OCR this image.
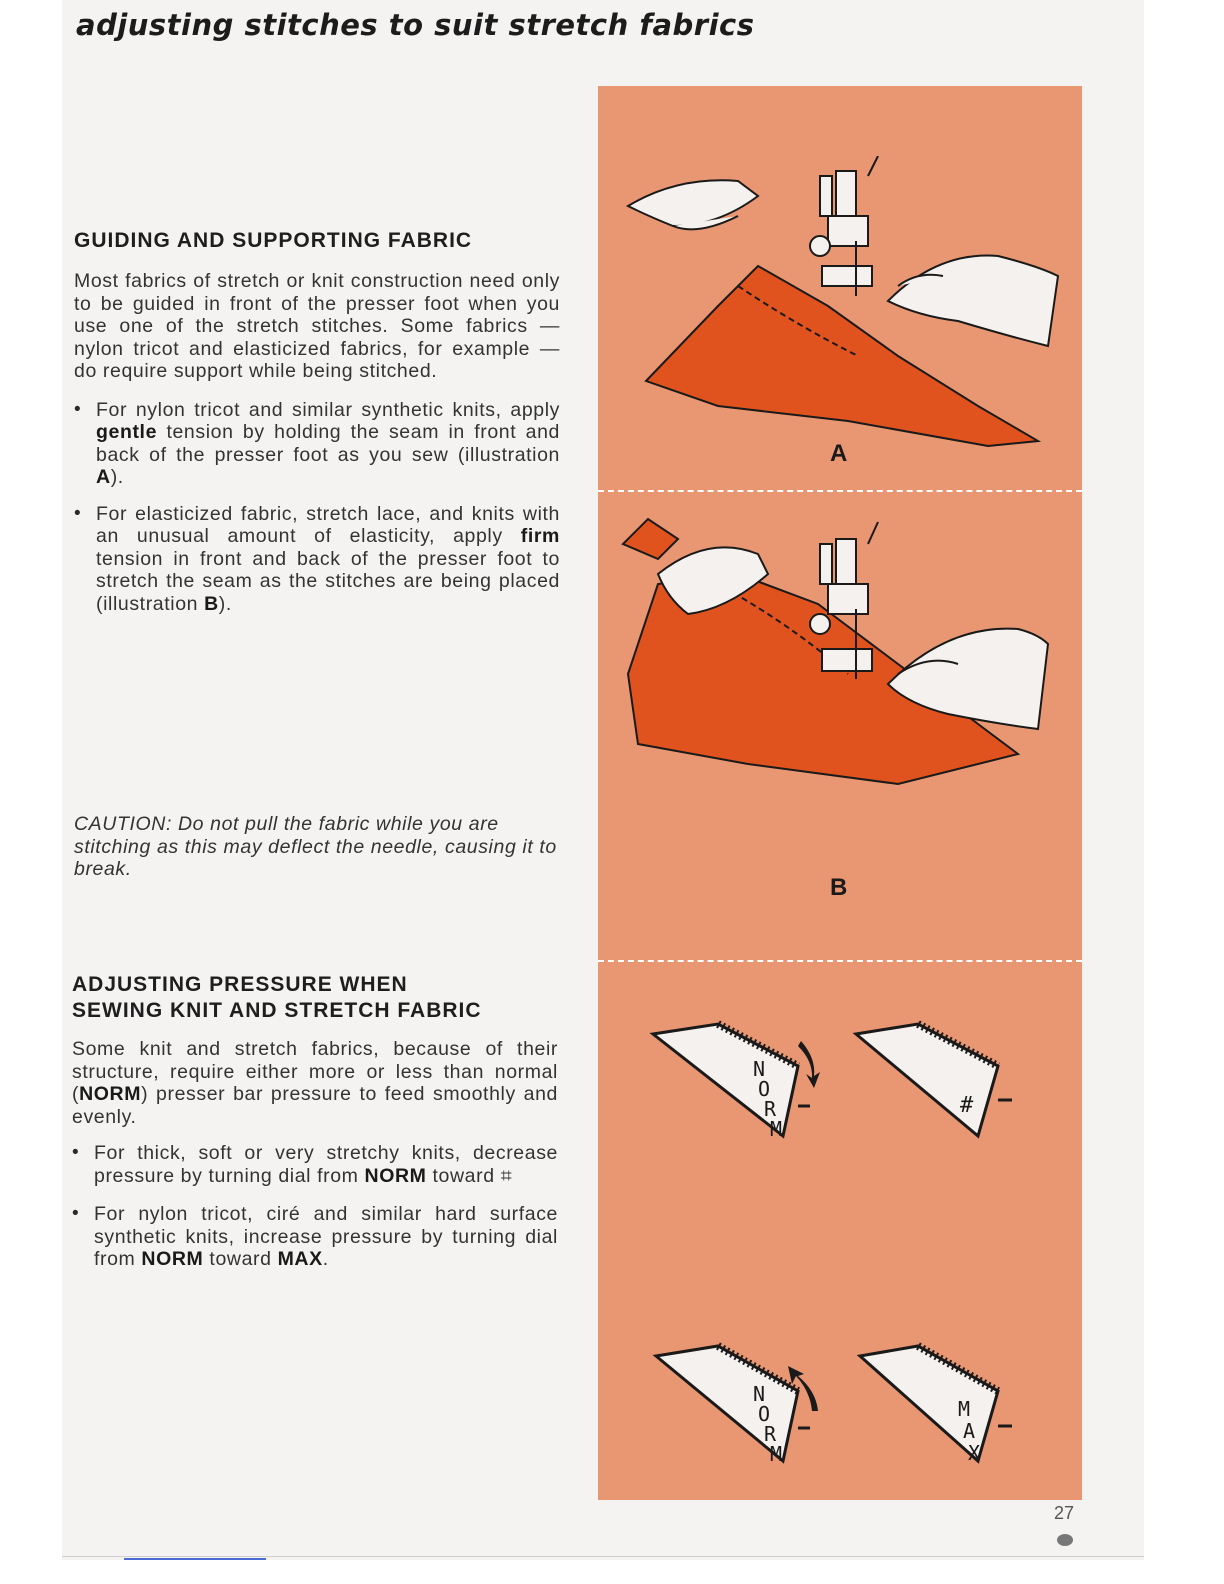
adjusting stitches to suit stretch fabrics
GUIDING AND SUPPORTING FABRIC

Most fabrics of stretch or knit construction need only to be guided in front of the presser foot when you use one of the stretch stitches. Some fabrics — nylon tricot and elasticized fabrics, for example — do require support while being stitched.

• For nylon tricot and similar synthetic knits, apply gentle tension by holding the seam in front and back of the presser foot as you sew (illustration A).

• For elasticized fabric, stretch lace, and knits with an unusual amount of elasticity, apply firm tension in front and back of the presser foot to stretch the seam as the stitches are being placed (illustration B).

CAUTION: Do not pull the fabric while you are stitching as this may deflect the needle, causing it to break.

ADJUSTING PRESSURE WHEN
SEWING KNIT AND STRETCH FABRIC

Some knit and stretch fabrics, because of their structure, require either more or less than normal (NORM) presser bar pressure to feed smoothly and evenly.

• For thick, soft or very stretchy knits, decrease pressure by turning dial from NORM toward ⌗

• For nylon tricot, ciré and similar hard surface synthetic knits, increase pressure by turning dial from NORM toward MAX.

A
B
N
O
R
M
#
N
O
R
M
M
A
X
27
